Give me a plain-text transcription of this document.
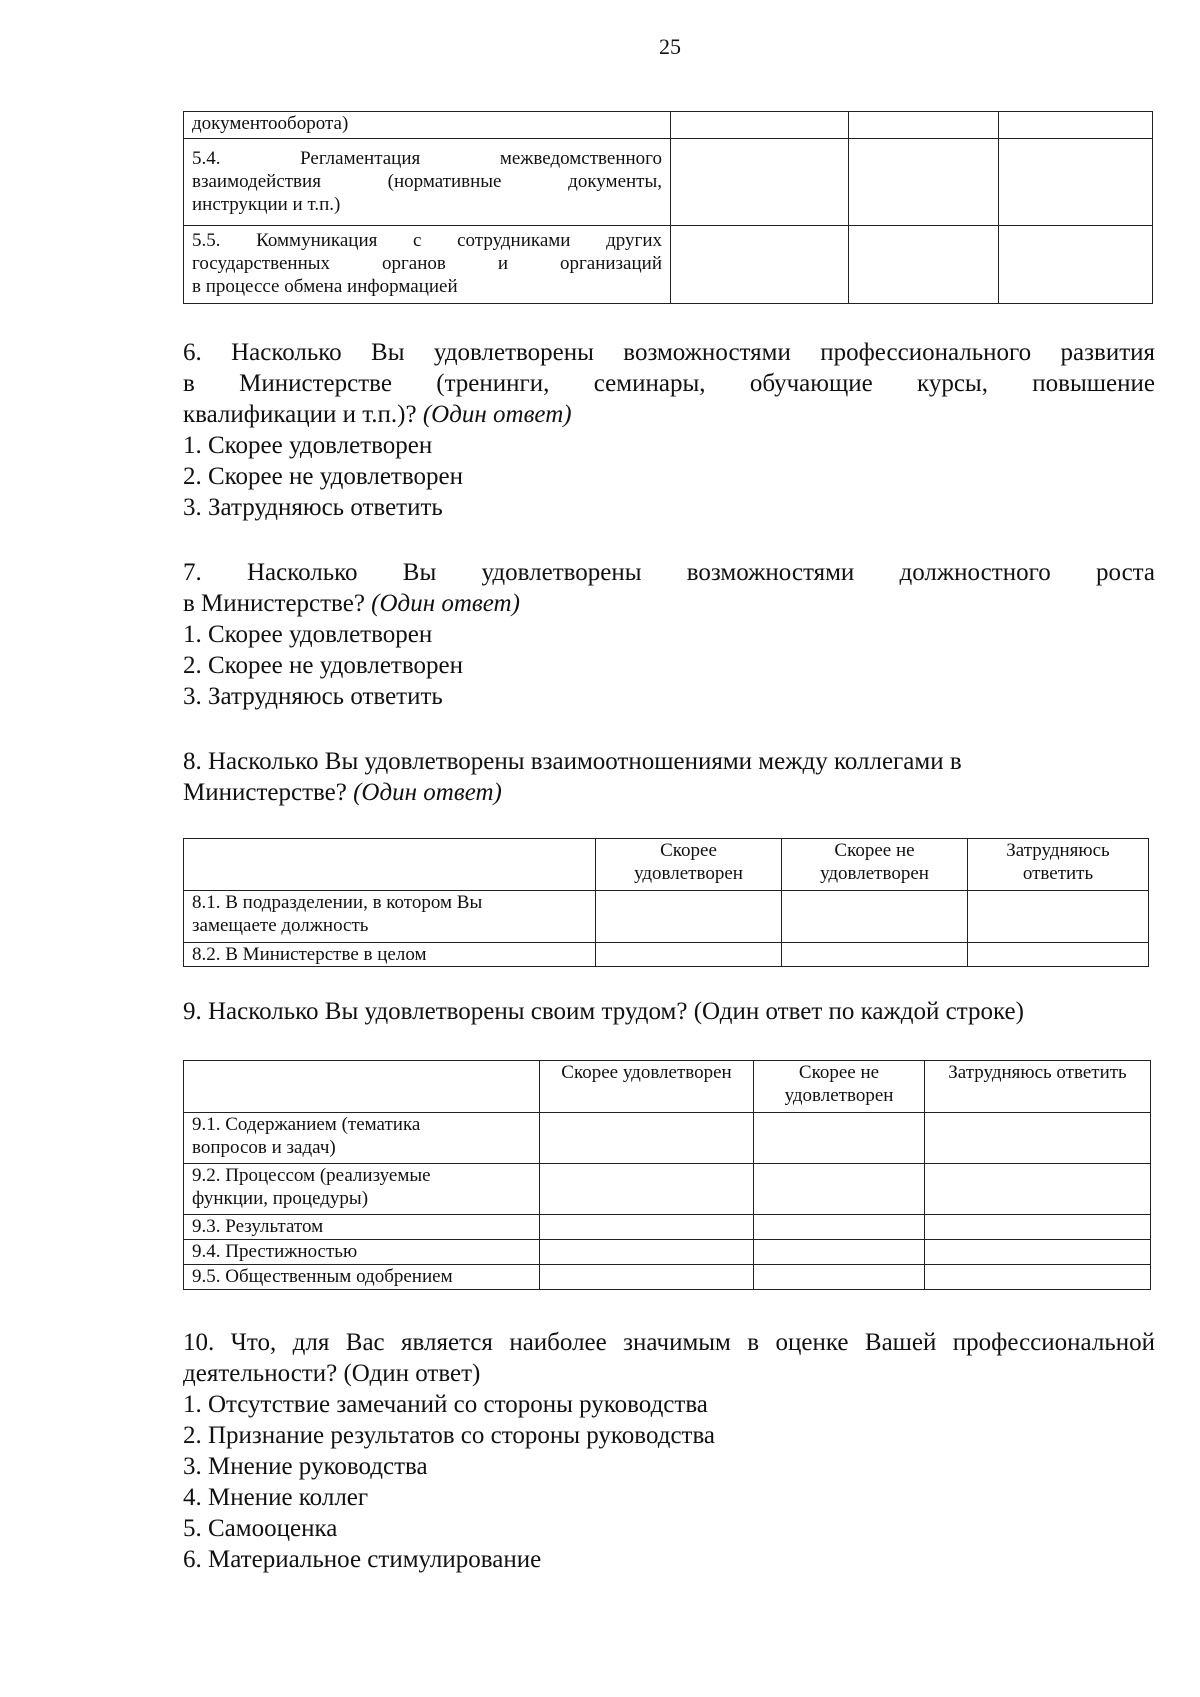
25
документооборота)			

5.4. Регламентация межведомственного
взаимодействия (нормативные документы,
инструкции и т.п.)			

5.5. Коммуникация с сотрудниками других
государственных органов и организаций
в процессе обмена информацией			

6. Насколько Вы удовлетворены возможностями профессионального развития
в Министерстве (тренинги, семинары, обучающие курсы, повышение
квалификации и т.п.)? (Один ответ)
1. Скорее удовлетворен
2. Скорее не удовлетворен
3. Затрудняюсь ответить
7. Насколько Вы удовлетворены возможностями должностного роста
в Министерстве? (Один ответ)
1. Скорее удовлетворен
2. Скорее не удовлетворен
3. Затрудняюсь ответить
8. Насколько Вы удовлетворены взаимоотношениями между коллегами в
Министерстве? (Один ответ)
	Скорее удовлетворен	Скорее не удовлетворен	Затрудняюсь ответить

8.1. В подразделении, в котором Вы
замещаете должность			

8.2. В Министерстве в целом			

9. Насколько Вы удовлетворены своим трудом? (Один ответ по каждой строке)
	Скорее удовлетворен	Скорее не удовлетворен	Затрудняюсь ответить

9.1. Содержанием (тематика
вопросов и задач)			

9.2. Процессом (реализуемые
функции, процедуры)			

9.3. Результатом			

9.4. Престижностью			

9.5. Общественным одобрением			

10. Что, для Вас является наиболее значимым в оценке Вашей профессиональной
деятельности? (Один ответ)
1. Отсутствие замечаний со стороны руководства
2. Признание результатов со стороны руководства
3. Мнение руководства
4. Мнение коллег
5. Самооценка
6. Материальное стимулирование
